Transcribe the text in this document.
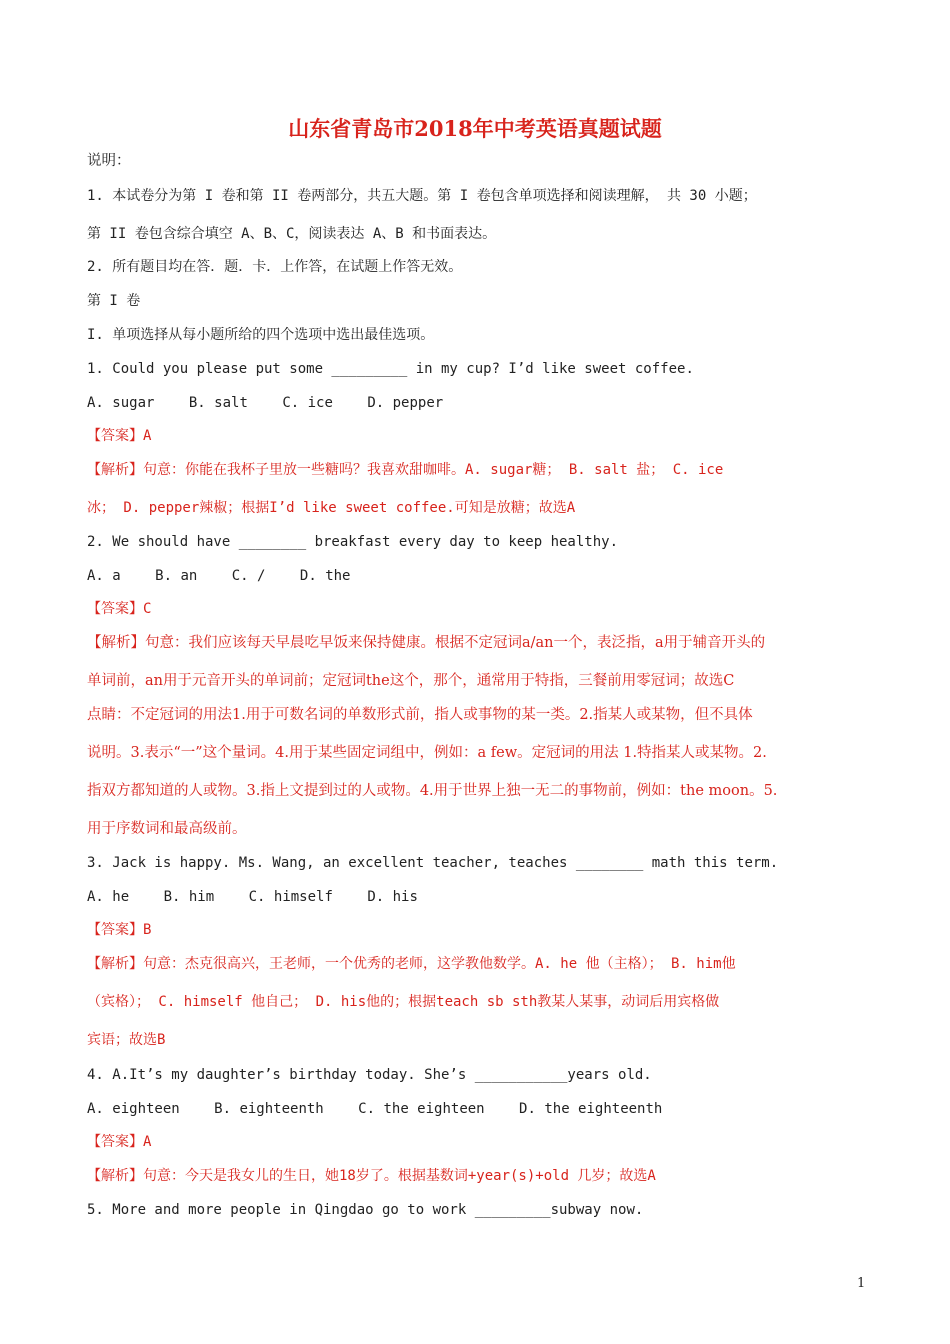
山东省青岛市2018年中考英语真题试题
说明：
1. 本试卷分为第 I 卷和第 II 卷两部分，共五大题。第 I 卷包含单项选择和阅读理解， 共 30 小题；
第 II 卷包含综合填空 A、B、C，阅读表达 A、B 和书面表达。
2. 所有题目均在答．题．卡．上作答，在试题上作答无效。
第 I 卷
I. 单项选择从每小题所给的四个选项中选出最佳选项。
1. Could you please put some _________ in my cup? I’d like sweet coffee.
A. sugar B. salt C. ice D. pepper
【答案】A
【解析】句意：你能在我杯子里放一些糖吗？我喜欢甜咖啡。A. sugar糖； B. salt 盐； C. ice
冰； D. pepper辣椒；根据I’d like sweet coffee.可知是放糖；故选A
2. We should have ________ breakfast every day to keep healthy.
A. a B. an C. / D. the
【答案】C
【解析】句意：我们应该每天早晨吃早饭来保持健康。根据不定冠词a/an一个，表泛指，a用于辅音开头的
单词前，an用于元音开头的单词前；定冠词the这个，那个，通常用于特指，三餐前用零冠词；故选C
点睛：不定冠词的用法1.用于可数名词的单数形式前，指人或事物的某一类。2.指某人或某物，但不具体
说明。3.表示“一”这个量词。4.用于某些固定词组中，例如：a few。定冠词的用法 1.特指某人或某物。2.
指双方都知道的人或物。3.指上文提到过的人或物。4.用于世界上独一无二的事物前，例如：the moon。5.
用于序数词和最高级前。
3. Jack is happy. Ms. Wang, an excellent teacher, teaches ________ math this term.
A. he B. him C. himself D. his
【答案】B
【解析】句意：杰克很高兴，王老师，一个优秀的老师，这学教他数学。A. he 他（主格）； B. him他
（宾格）； C. himself 他自己； D. his他的；根据teach sb sth教某人某事，动词后用宾格做
宾语；故选B
4. A.It’s my daughter’s birthday today. She’s ___________years old.
A. eighteen B. eighteenth C. the eighteen D. the eighteenth
【答案】A
【解析】句意：今天是我女儿的生日，她18岁了。根据基数词+year(s)+old 几岁；故选A
5. More and more people in Qingdao go to work _________subway now.
1
